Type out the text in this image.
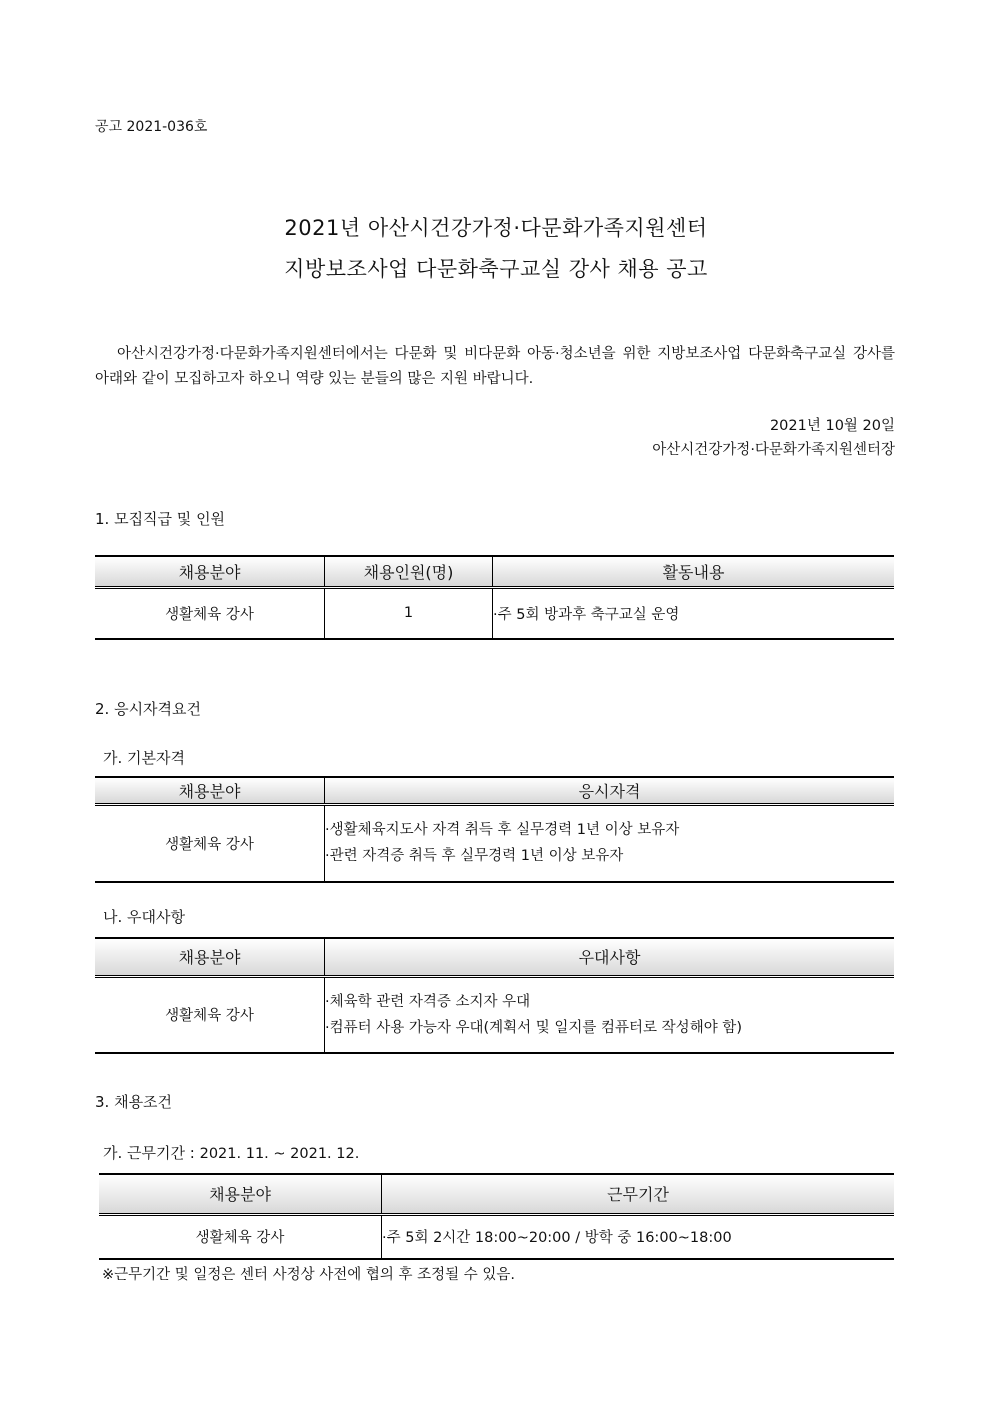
공고 2021-036호
2021년 아산시건강가정·다문화가족지원센터
지방보조사업 다문화축구교실 강사 채용 공고

아산시건강가정·다문화가족지원센터에서는 다문화 및 비다문화 아동·청소년을 위한 지방보조사업 다문화축구교실 강사를 아래와 같이 모집하고자 하오니 역량 있는 분들의 많은 지원 바랍니다.

2021년 10월 20일
아산시건강가정·다문화가족지원센터장
1. 모집직급 및 인원
채용분야	채용인원(명)	활동내용
생활체육 강사	1	·주 5회 방과후 축구교실 운영
2. 응시자격요건
가. 기본자격
채용분야	응시자격
생활체육 강사	·생활체육지도사 자격 취득 후 실무경력 1년 이상 보유자
·관련 자격증 취득 후 실무경력 1년 이상 보유자
나. 우대사항
채용분야	우대사항
생활체육 강사	·체육학 관련 자격증 소지자 우대
·컴퓨터 사용 가능자 우대(계획서 및 일지를 컴퓨터로 작성해야 함)
3. 채용조건
가. 근무기간 : 2021. 11. ~ 2021. 12.
채용분야	근무기간
생활체육 강사	·주 5회 2시간 18:00~20:00 / 방학 중 16:00~18:00
※근무기간 및 일정은 센터 사정상 사전에 협의 후 조정될 수 있음.
